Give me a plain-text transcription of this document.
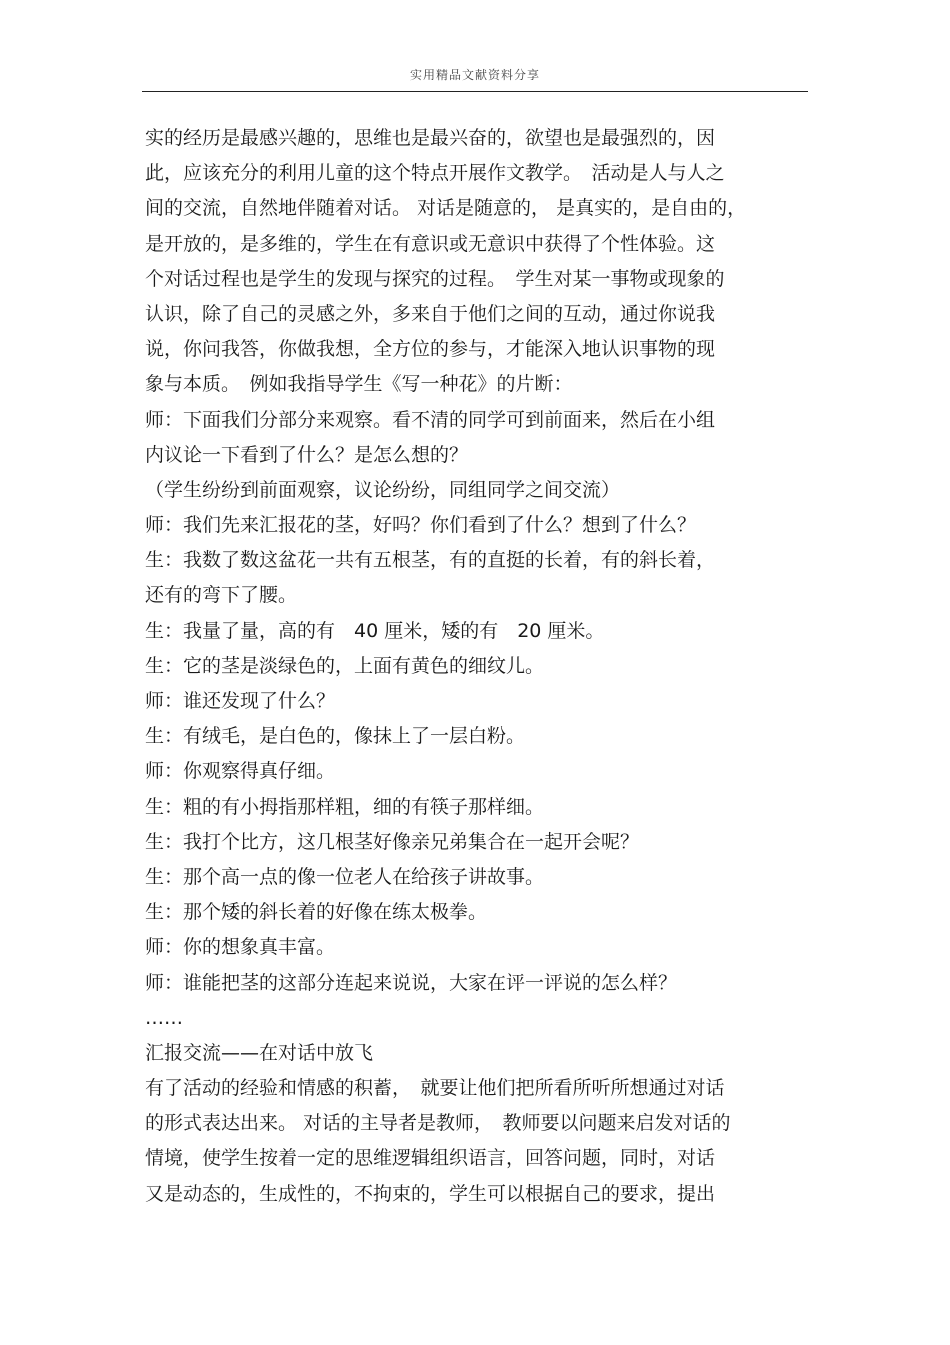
实用精品文献资料分享
实的经历是最感兴趣的，思维也是最兴奋的，欲望也是最强烈的，因
此，应该充分的利用儿童的这个特点开展作文教学。　活动是人与人之
间的交流，自然地伴随着对话。 对话是随意的， 是真实的，是自由的，
是开放的，是多维的，学生在有意识或无意识中获得了个性体验。这
个对话过程也是学生的发现与探究的过程。　学生对某一事物或现象的
认识，除了自己的灵感之外，多来自于他们之间的互动，通过你说我
说，你问我答，你做我想，全方位的参与，才能深入地认识事物的现
象与本质。　例如我指导学生《写一种花》的片断：
师：下面我们分部分来观察。看不清的同学可到前面来，然后在小组
内议论一下看到了什么？是怎么想的？
（学生纷纷到前面观察，议论纷纷，同组同学之间交流）
师：我们先来汇报花的茎，好吗？你们看到了什么？想到了什么？
生：我数了数这盆花一共有五根茎，有的直挺的长着，有的斜长着，
还有的弯下了腰。
生：我量了量，高的有　40 厘米，矮的有　20 厘米。
生：它的茎是淡绿色的，上面有黄色的细纹儿。
师：谁还发现了什么？
生：有绒毛，是白色的，像抹上了一层白粉。
师：你观察得真仔细。
生：粗的有小拇指那样粗，细的有筷子那样细。
生：我打个比方，这几根茎好像亲兄弟集合在一起开会呢？
生：那个高一点的像一位老人在给孩子讲故事。
生：那个矮的斜长着的好像在练太极拳。
师：你的想象真丰富。
师：谁能把茎的这部分连起来说说，大家在评一评说的怎么样？
……
汇报交流——在对话中放飞
有了活动的经验和情感的积蓄，　就要让他们把所看所听所想通过对话
的形式表达出来。 对话的主导者是教师，　教师要以问题来启发对话的
情境，使学生按着一定的思维逻辑组织语言，回答问题，同时，对话
又是动态的，生成性的，不拘束的，学生可以根据自己的要求，提出
